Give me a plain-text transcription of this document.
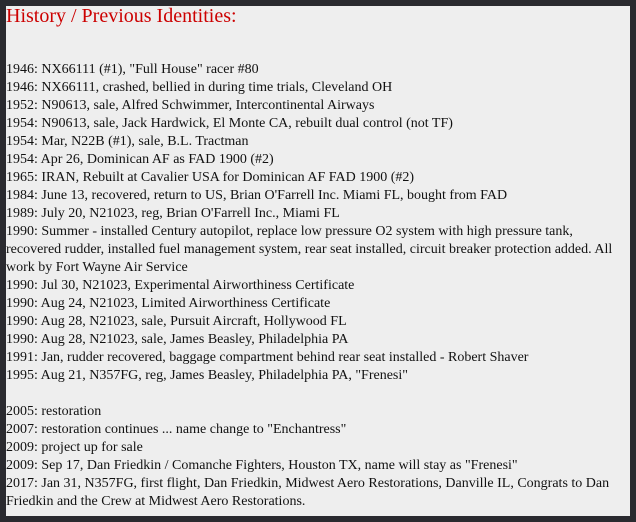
History / Previous Identities:
1946: NX66111 (#1), "Full House" racer #80
1946: NX66111, crashed, bellied in during time trials, Cleveland OH
1952: N90613, sale, Alfred Schwimmer, Intercontinental Airways
1954: N90613, sale, Jack Hardwick, El Monte CA, rebuilt dual control (not TF)
1954: Mar, N22B (#1), sale, B.L. Tractman
1954: Apr 26, Dominican AF as FAD 1900 (#2)
1965: IRAN, Rebuilt at Cavalier USA for Dominican AF FAD 1900 (#2)
1984: June 13, recovered, return to US, Brian O'Farrell Inc. Miami FL, bought from FAD
1989: July 20, N21023, reg, Brian O'Farrell Inc., Miami FL
1990: Summer - installed Century autopilot, replace low pressure O2 system with high pressure tank, recovered rudder, installed fuel management system, rear seat installed, circuit breaker protection added. All work by Fort Wayne Air Service
1990: Jul 30, N21023, Experimental Airworthiness Certificate
1990: Aug 24, N21023, Limited Airworthiness Certificate
1990: Aug 28, N21023, sale, Pursuit Aircraft, Hollywood FL
1990: Aug 28, N21023, sale, James Beasley, Philadelphia PA
1991: Jan, rudder recovered, baggage compartment behind rear seat installed - Robert Shaver
1995: Aug 21, N357FG, reg, James Beasley, Philadelphia PA, "Frenesi"
2005: restoration
2007: restoration continues ... name change to "Enchantress"
2009: project up for sale
2009: Sep 17, Dan Friedkin / Comanche Fighters, Houston TX, name will stay as "Frenesi"
2017: Jan 31, N357FG, first flight, Dan Friedkin, Midwest Aero Restorations, Danville IL, Congrats to Dan Friedkin and the Crew at Midwest Aero Restorations.
